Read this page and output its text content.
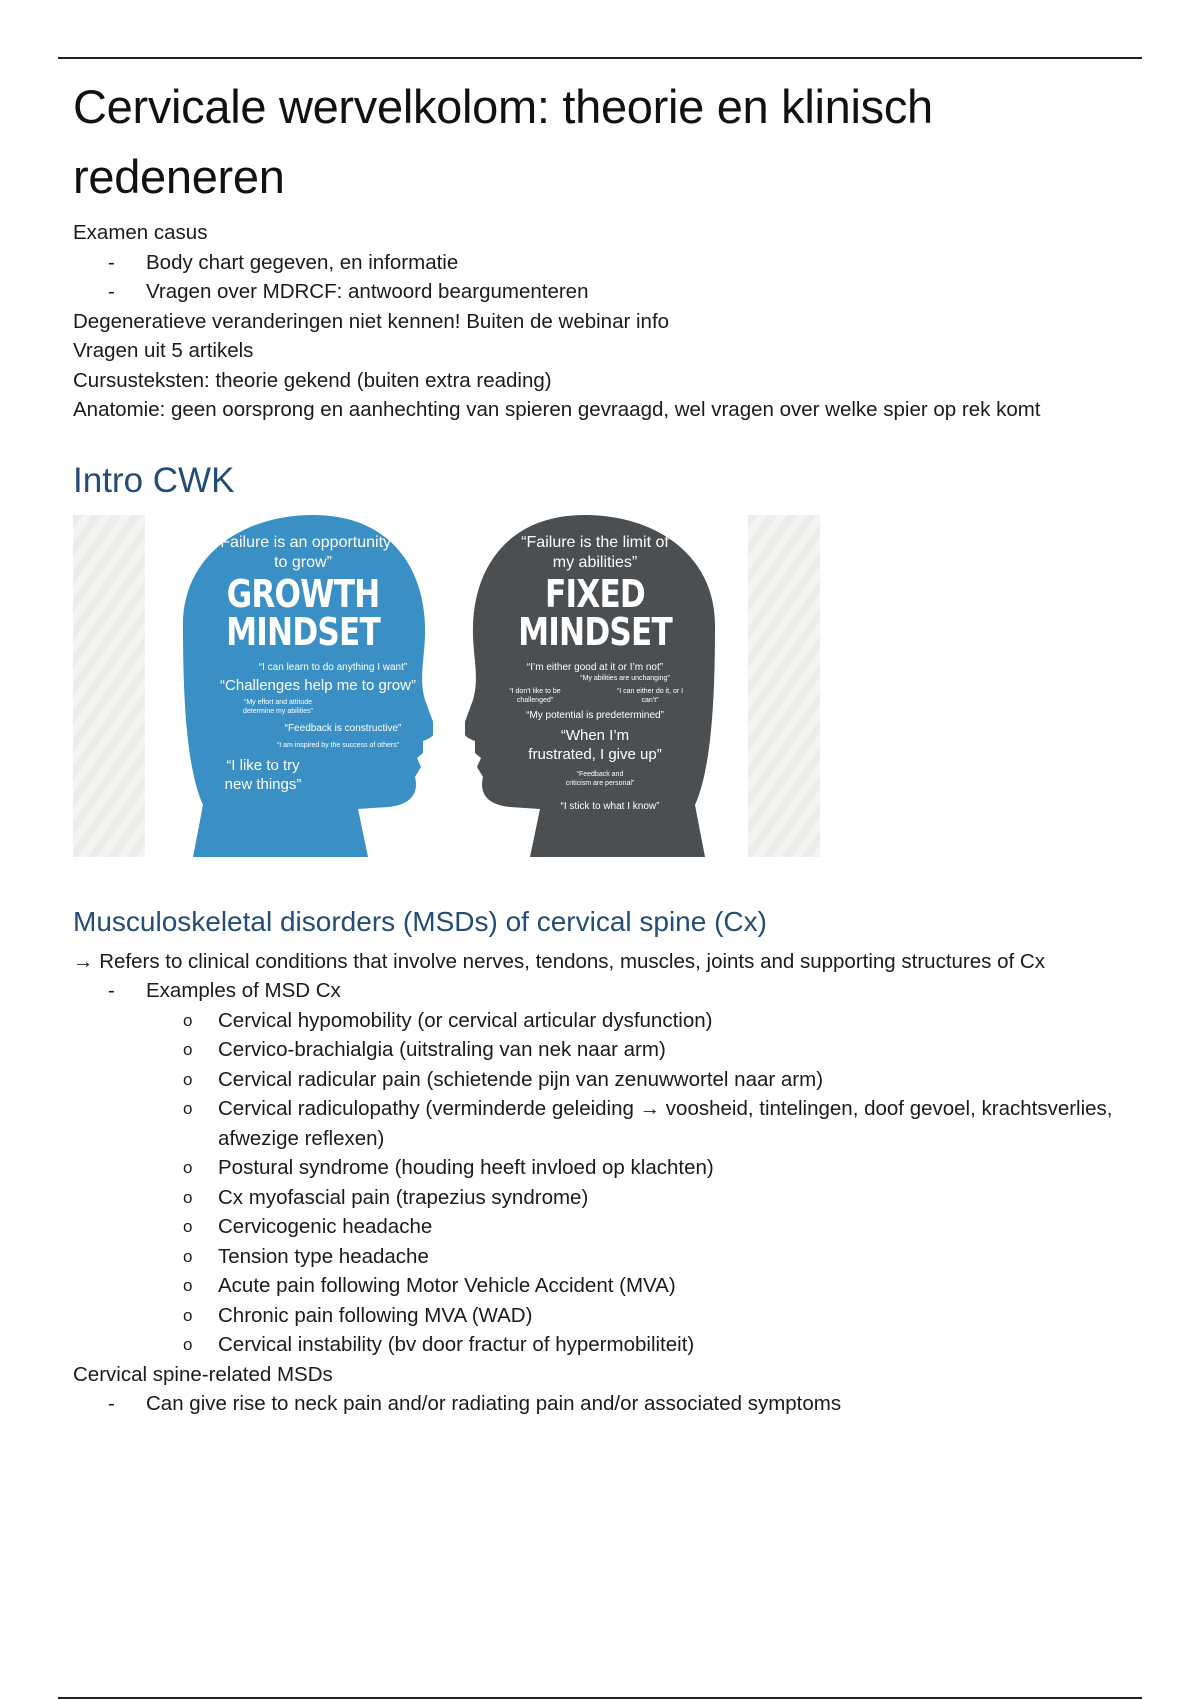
Cervicale wervelkolom: theorie en klinisch redeneren
Examen casus
- Body chart gegeven, en informatie
- Vragen over MDRCF: antwoord beargumenteren
Degeneratieve veranderingen niet kennen! Buiten de webinar info
Vragen uit 5 artikels
Cursusteksten: theorie gekend (buiten extra reading)
Anatomie: geen oorsprong en aanhechting van spieren gevraagd, wel vragen over welke spier op rek komt
Intro CWK
“Failure is an opportunity to grow”
GROWTH
MINDSET
“I can learn to do anything I want”
“Challenges help me to grow”
“My effort and attitude determine my abilities”
“Feedback is constructive”
“I am inspired by the success of others”
“I like to try new things”
“Failure is the limit of my abilities”
FIXED
MINDSET
“I’m either good at it or I’m not”
“My abilities are unchanging”
“I don’t like to be challenged”
“I can either do it, or I can’t”
“My potential is predetermined”
“When I’m frustrated, I give up”
“Feedback and criticism are personal”
“I stick to what I know”
Musculoskeletal disorders (MSDs) of cervical spine (Cx)
→ Refers to clinical conditions that involve nerves, tendons, muscles, joints and supporting structures of Cx
- Examples of MSD Cx
o Cervical hypomobility (or cervical articular dysfunction)
o Cervico-brachialgia (uitstraling van nek naar arm)
o Cervical radicular pain (schietende pijn van zenuwwortel naar arm)
o Cervical radiculopathy (verminderde geleiding → voosheid, tintelingen, doof gevoel, krachtsverlies, afwezige reflexen)
o Postural syndrome (houding heeft invloed op klachten)
o Cx myofascial pain (trapezius syndrome)
o Cervicogenic headache
o Tension type headache
o Acute pain following Motor Vehicle Accident (MVA)
o Chronic pain following MVA (WAD)
o Cervical instability (bv door fractur of hypermobiliteit)
Cervical spine-related MSDs
- Can give rise to neck pain and/or radiating pain and/or associated symptoms
